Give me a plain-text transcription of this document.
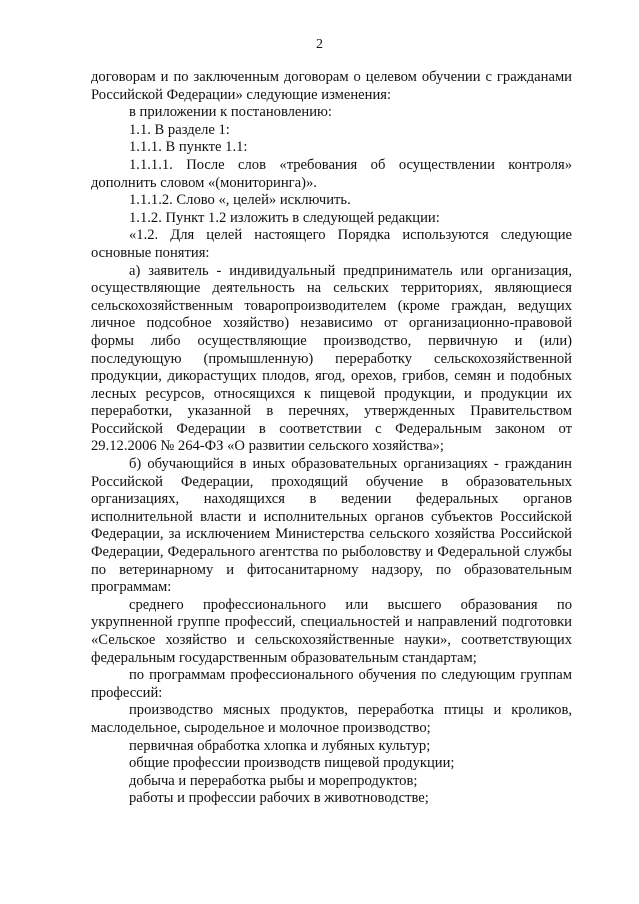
2

договорам и по заключенным договорам о целевом обучении с гражданами Российской Федерации» следующие изменения:

в приложении к постановлению:

1.1. В разделе 1:

1.1.1. В пункте 1.1:

1.1.1.1. После слов «требования об осуществлении контроля» дополнить словом «(мониторинга)».

1.1.1.2. Слово «, целей» исключить.

1.1.2. Пункт 1.2 изложить в следующей редакции:

«1.2. Для целей настоящего Порядка используются следующие основные понятия:

а) заявитель - индивидуальный предприниматель или организация, осуществляющие деятельность на сельских территориях, являющиеся сельскохозяйственным товаропроизводителем (кроме граждан, ведущих личное подсобное хозяйство) независимо от организационно-правовой формы либо осуществляющие производство, первичную и (или) последующую (промышленную) переработку сельскохозяйственной продукции, дикорастущих плодов, ягод, орехов, грибов, семян и подобных лесных ресурсов, относящихся к пищевой продукции, и продукции их переработки, указанной в перечнях, утвержденных Правительством Российской Федерации в соответствии с Федеральным законом от 29.12.2006 № 264-ФЗ «О развитии сельского хозяйства»;

б) обучающийся в иных образовательных организациях - гражданин Российской Федерации, проходящий обучение в образовательных организациях, находящихся в ведении федеральных органов исполнительной власти и исполнительных органов субъектов Российской Федерации, за исключением Министерства сельского хозяйства Российской Федерации, Федерального агентства по рыболовству и Федеральной службы по ветеринарному и фитосанитарному надзору, по образовательным программам:

среднего профессионального или высшего образования по укрупненной группе профессий, специальностей и направлений подготовки «Сельское хозяйство и сельскохозяйственные науки», соответствующих федеральным государственным образовательным стандартам;

по программам профессионального обучения по следующим группам профессий:

производство мясных продуктов, переработка птицы и кроликов, маслодельное, сыродельное и молочное производство;

первичная обработка хлопка и лубяных культур;

общие профессии производств пищевой продукции;

добыча и переработка рыбы и морепродуктов;

работы и профессии рабочих в животноводстве;
